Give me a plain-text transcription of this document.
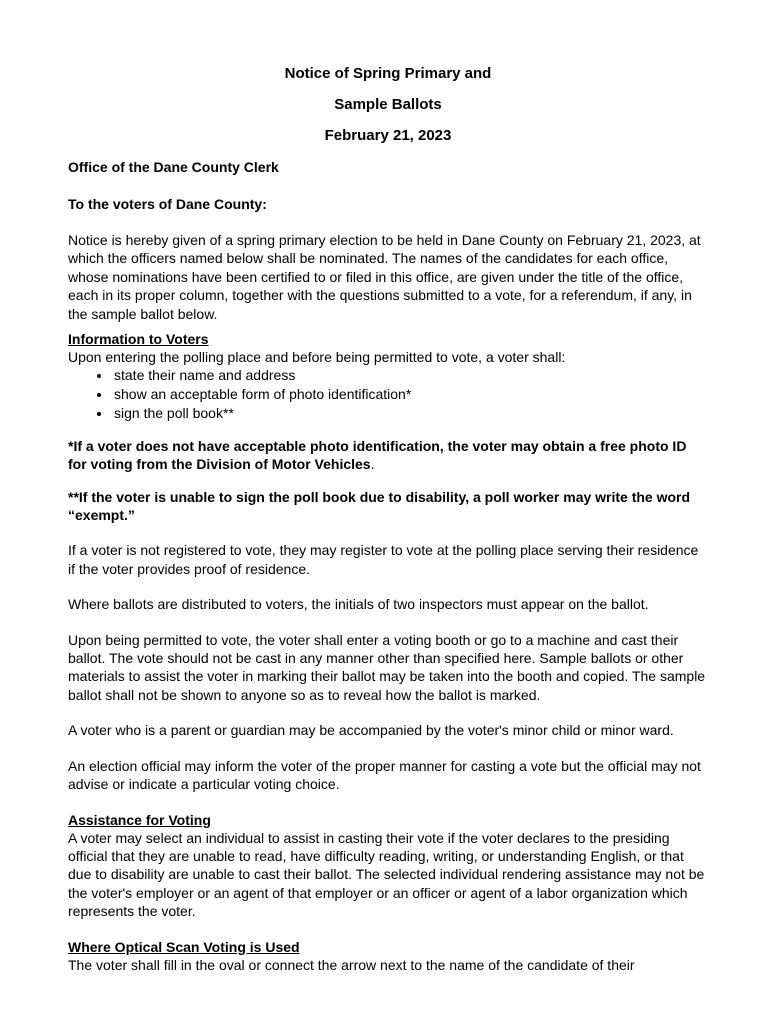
Notice of Spring Primary and
Sample Ballots
February 21, 2023
Office of the Dane County Clerk
To the voters of Dane County:

Notice is hereby given of a spring primary election to be held in Dane County on February 21, 2023, at which the officers named below shall be nominated. The names of the candidates for each office, whose nominations have been certified to or filed in this office, are given under the title of the office, each in its proper column, together with the questions submitted to a vote, for a referendum, if any, in the sample ballot below.

Information to Voters

Upon entering the polling place and before being permitted to vote, a voter shall:

• state their name and address
• show an acceptable form of photo identification*
• sign the poll book**
*If a voter does not have acceptable photo identification, the voter may obtain a free photo ID for voting from the Division of Motor Vehicles.
**If the voter is unable to sign the poll book due to disability, a poll worker may write the word “exempt.”

If a voter is not registered to vote, they may register to vote at the polling place serving their residence if the voter provides proof of residence.

Where ballots are distributed to voters, the initials of two inspectors must appear on the ballot.

Upon being permitted to vote, the voter shall enter a voting booth or go to a machine and cast their ballot. The vote should not be cast in any manner other than specified here. Sample ballots or other materials to assist the voter in marking their ballot may be taken into the booth and copied. The sample ballot shall not be shown to anyone so as to reveal how the ballot is marked.

A voter who is a parent or guardian may be accompanied by the voter's minor child or minor ward.

An election official may inform the voter of the proper manner for casting a vote but the official may not advise or indicate a particular voting choice.

Assistance for Voting

A voter may select an individual to assist in casting their vote if the voter declares to the presiding official that they are unable to read, have difficulty reading, writing, or understanding English, or that due to disability are unable to cast their ballot. The selected individual rendering assistance may not be the voter's employer or an agent of that employer or an officer or agent of a labor organization which represents the voter.

Where Optical Scan Voting is Used

The voter shall fill in the oval or connect the arrow next to the name of the candidate of their
